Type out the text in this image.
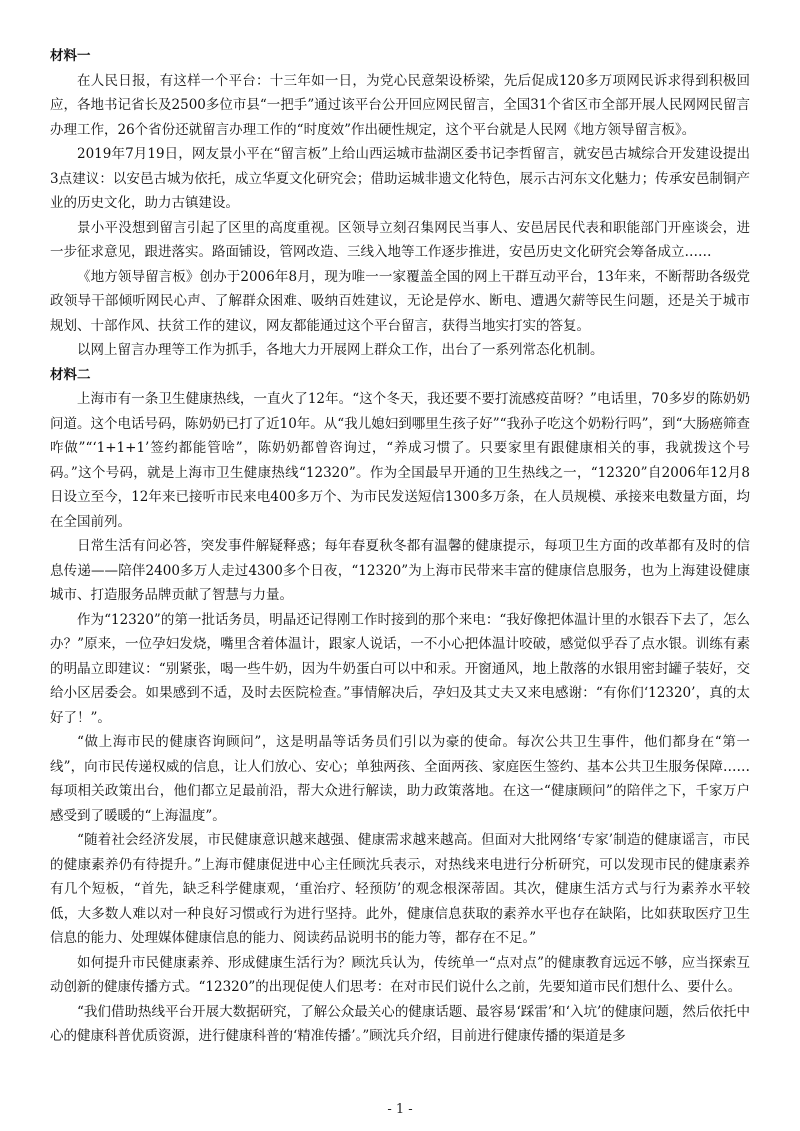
材料一

在人民日报，有这样一个平台：十三年如一日，为党心民意架设桥梁，先后促成120多万项网民诉求得到积极回应，各地书记省长及2500多位市县“一把手”通过该平台公开回应网民留言，全国31个省区市全部开展人民网网民留言办理工作，26个省份还就留言办理工作的“时度效”作出硬性规定，这个平台就是人民网《地方领导留言板》。

2019年7月19日，网友景小平在“留言板”上给山西运城市盐湖区委书记李哲留言，就安邑古城综合开发建设提出3点建议：以安邑古城为依托，成立华夏文化研究会；借助运城非遗文化特色，展示古河东文化魅力；传承安邑制铜产业的历史文化，助力古镇建设。

景小平没想到留言引起了区里的高度重视。区领导立刻召集网民当事人、安邑居民代表和职能部门开座谈会，进一步征求意见，跟进落实。路面铺设，管网改造、三线入地等工作逐步推进，安邑历史文化研究会筹备成立……

《地方领导留言板》创办于2006年8月，现为唯一一家覆盖全国的网上干群互动平台，13年来，不断帮助各级党政领导干部倾听网民心声、了解群众困难、吸纳百姓建议，无论是停水、断电、遭遇欠薪等民生问题，还是关于城市规划、十部作风、扶贫工作的建议，网友都能通过这个平台留言，获得当地实打实的答复。

以网上留言办理等工作为抓手，各地大力开展网上群众工作，出台了一系列常态化机制。

材料二

上海市有一条卫生健康热线，一直火了12年。“这个冬天，我还要不要打流感疫苗呀？”电话里，70多岁的陈奶奶问道。这个电话号码，陈奶奶已打了近10年。从“我儿媳妇到哪里生孩子好”“我孙子吃这个奶粉行吗”，到“大肠癌筛查咋做”“‘1+1+1’签约都能管啥”，陈奶奶都曾咨询过，“养成习惯了。只要家里有跟健康相关的事，我就拨这个号码。”这个号码，就是上海市卫生健康热线“12320”。作为全国最早开通的卫生热线之一，“12320”自2006年12月8日设立至今，12年来已接听市民来电400多万个、为市民发送短信1300多万条，在人员规模、承接来电数量方面，均在全国前列。

日常生活有问必答，突发事件解疑释惑；每年春夏秋冬都有温馨的健康提示，每项卫生方面的改革都有及时的信息传递——陪伴2400多万人走过4300多个日夜，“12320”为上海市民带来丰富的健康信息服务，也为上海建设健康城市、打造服务品牌贡献了智慧与力量。

作为“12320”的第一批话务员，明晶还记得刚工作时接到的那个来电：“我好像把体温计里的水银吞下去了，怎么办？”原来，一位孕妇发烧，嘴里含着体温计，跟家人说话，一不小心把体温计咬破，感觉似乎吞了点水银。训练有素的明晶立即建议：“别紧张，喝一些牛奶，因为牛奶蛋白可以中和汞。开窗通风，地上散落的水银用密封罐子装好，交给小区居委会。如果感到不适，及时去医院检查。”事情解决后，孕妇及其丈夫又来电感谢：“有你们‘12320’，真的太好了！”。

“做上海市民的健康咨询顾问”，这是明晶等话务员们引以为豪的使命。每次公共卫生事件，他们都身在“第一线”，向市民传递权威的信息，让人们放心、安心；单独两孩、全面两孩、家庭医生签约、基本公共卫生服务保障……每项相关政策出台，他们都立足最前沿，帮大众进行解读，助力政策落地。在这一“健康顾问”的陪伴之下，千家万户感受到了暖暖的“上海温度”。

“随着社会经济发展，市民健康意识越来越强、健康需求越来越高。但面对大批网络‘专家’制造的健康谣言，市民的健康素养仍有待提升。”上海市健康促进中心主任顾沈兵表示，对热线来电进行分析研究，可以发现市民的健康素养有几个短板，“首先，缺乏科学健康观，‘重治疗、轻预防’的观念根深蒂固。其次，健康生活方式与行为素养水平较低，大多数人难以对一种良好习惯或行为进行坚持。此外，健康信息获取的素养水平也存在缺陷，比如获取医疗卫生信息的能力、处理媒体健康信息的能力、阅读药品说明书的能力等，都存在不足。”

如何提升市民健康素养、形成健康生活行为？顾沈兵认为，传统单一“点对点”的健康教育远远不够，应当探索互动创新的健康传播方式。“12320”的出现促使人们思考：在对市民们说什么之前，先要知道市民们想什么、要什么。

“我们借助热线平台开展大数据研究，了解公众最关心的健康话题、最容易‘踩雷’和‘入坑’的健康问题，然后依托中心的健康科普优质资源，进行健康科普的‘精准传播’。”顾沈兵介绍，目前进行健康传播的渠道是多

- 1 -
